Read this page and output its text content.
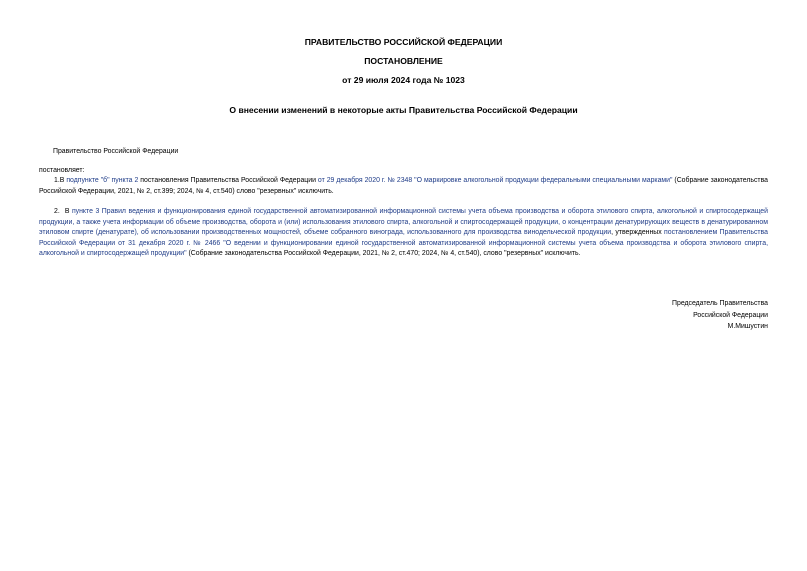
ПРАВИТЕЛЬСТВО РОССИЙСКОЙ ФЕДЕРАЦИИ
ПОСТАНОВЛЕНИЕ
от 29 июля 2024 года № 1023
О внесении изменений в некоторые акты Правительства Российской Федерации
Правительство Российской Федерации
постановляет:
1.В подпункте "б" пункта 2 постановления Правительства Российской Федерации от 29 декабря 2020 г. № 2348 "О маркировке алкогольной продукции федеральными специальными марками" (Собрание законодательства Российской Федерации, 2021, № 2, ст.399; 2024, № 4, ст.540) слово "резервных" исключить.
2. В пункте 3 Правил ведения и функционирования единой государственной автоматизированной информационной системы учета объема производства и оборота этилового спирта, алкогольной и спиртосодержащей продукции, а также учета информации об объеме производства, оборота и (или) использования этилового спирта, алкогольной и спиртосодержащей продукции, о концентрации денатурирующих веществ в денатурированном этиловом спирте (денатурате), об использовании производственных мощностей, объеме собранного винограда, использованного для производства винодельческой продукции, утвержденных постановлением Правительства Российской Федерации от 31 декабря 2020 г. № 2466 "О ведении и функционировании единой государственной автоматизированной информационной системы учета объема производства и оборота этилового спирта, алкогольной и спиртосодержащей продукции" (Собрание законодательства Российской Федерации, 2021, № 2, ст.470; 2024, № 4, ст.540), слово "резервных" исключить.
Председатель Правительства
Российской Федерации
М.Мишустин
